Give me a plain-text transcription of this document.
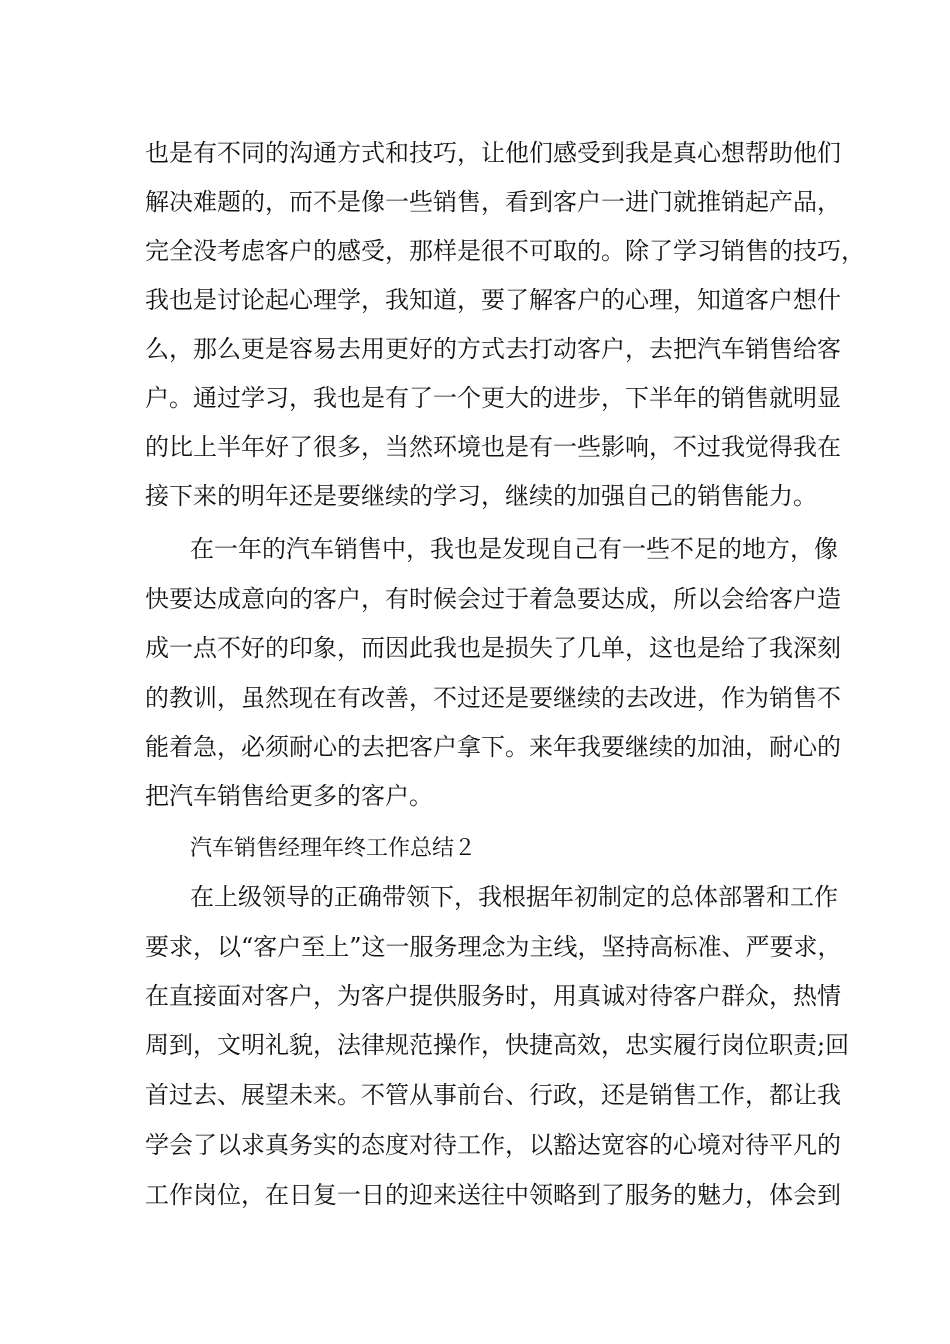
也是有不同的沟通方式和技巧，让他们感受到我是真心想帮助他们
解决难题的，而不是像一些销售，看到客户一进门就推销起产品，
完全没考虑客户的感受，那样是很不可取的。除了学习销售的技巧，
我也是讨论起心理学，我知道，要了解客户的心理，知道客户想什
么，那么更是容易去用更好的方式去打动客户，去把汽车销售给客
户。通过学习，我也是有了一个更大的进步，下半年的销售就明显
的比上半年好了很多，当然环境也是有一些影响，不过我觉得我在
接下来的明年还是要继续的学习，继续的加强自己的销售能力。
在一年的汽车销售中，我也是发现自己有一些不足的地方，像
快要达成意向的客户，有时候会过于着急要达成，所以会给客户造
成一点不好的印象，而因此我也是损失了几单，这也是给了我深刻
的教训，虽然现在有改善，不过还是要继续的去改进，作为销售不
能着急，必须耐心的去把客户拿下。来年我要继续的加油，耐心的
把汽车销售给更多的客户。
汽车销售经理年终工作总结２
在上级领导的正确带领下，我根据年初制定的总体部署和工作
要求，以“客户至上”这一服务理念为主线，坚持高标准、严要求，
在直接面对客户，为客户提供服务时，用真诚对待客户群众，热情
周到，文明礼貌，法律规范操作，快捷高效，忠实履行岗位职责;回
首过去、展望未来。不管从事前台、行政，还是销售工作，都让我
学会了以求真务实的态度对待工作，以豁达宽容的心境对待平凡的
工作岗位，在日复一日的迎来送往中领略到了服务的魅力，体会到
